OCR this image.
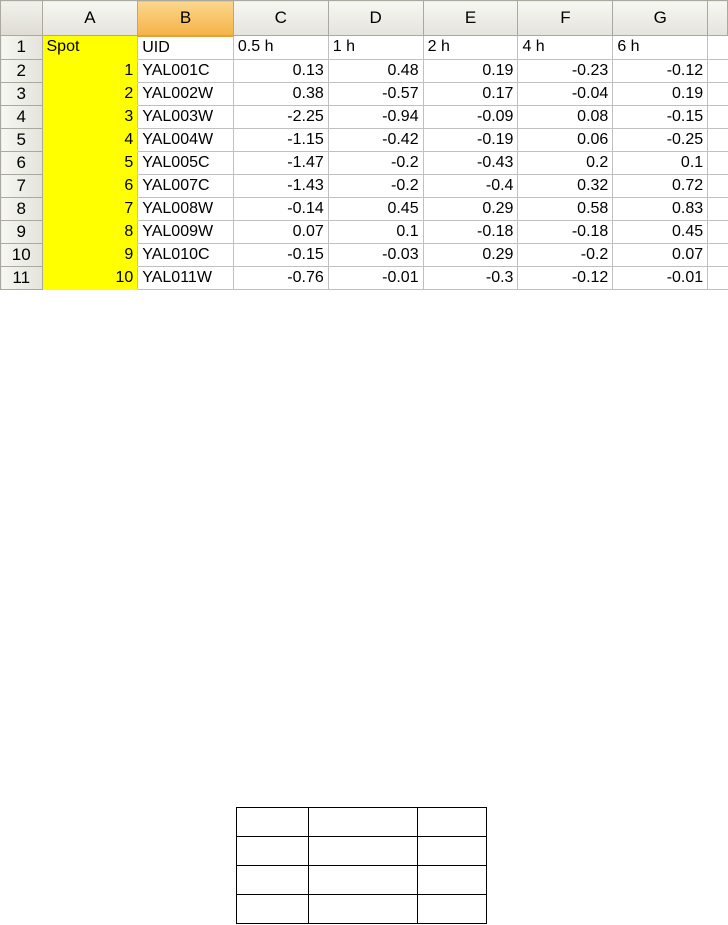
	A	B	C	D	E	F	G	
1	Spot	UID	0.5 h	1 h	2 h	4 h	6 h	
2	1	YAL001C	0.13	0.48	0.19	-0.23	-0.12	
3	2	YAL002W	0.38	-0.57	0.17	-0.04	0.19	
4	3	YAL003W	-2.25	-0.94	-0.09	0.08	-0.15	
5	4	YAL004W	-1.15	-0.42	-0.19	0.06	-0.25	
6	5	YAL005C	-1.47	-0.2	-0.43	0.2	0.1	
7	6	YAL007C	-1.43	-0.2	-0.4	0.32	0.72	
8	7	YAL008W	-0.14	0.45	0.29	0.58	0.83	
9	8	YAL009W	0.07	0.1	-0.18	-0.18	0.45	
10	9	YAL010C	-0.15	-0.03	0.29	-0.2	0.07	
11	10	YAL011W	-0.76	-0.01	-0.3	-0.12	-0.01	
